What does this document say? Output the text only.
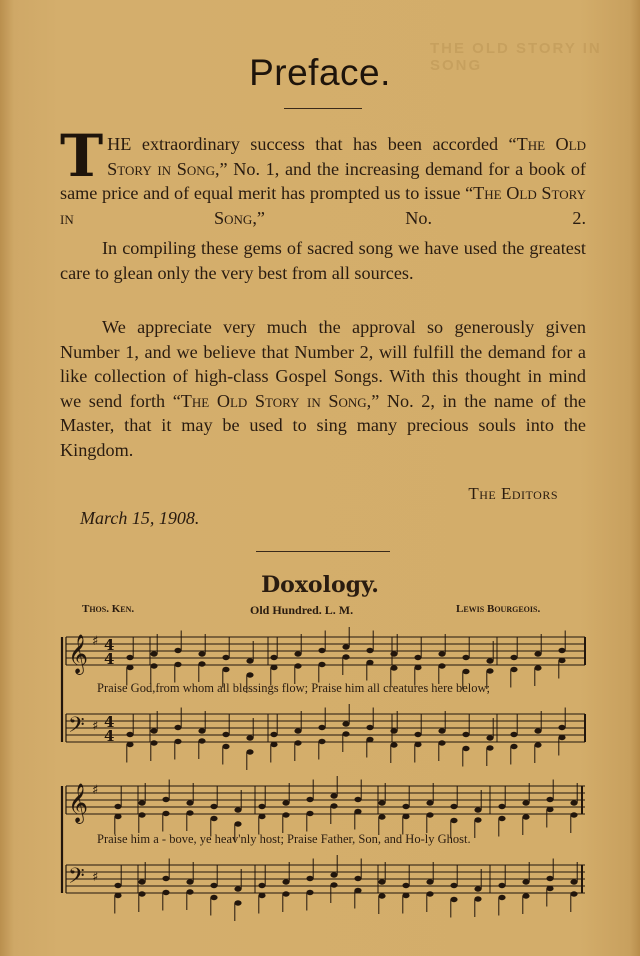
THE OLD STORY IN SONG
Preface.
THE extraordinary success that has been accorded “The Old Story in Song,” No. 1, and the increasing demand for a book of same price and of equal merit has prompted us to issue “The Old Story in Song,” No. 2.
In compiling these gems of sacred song we have used the greatest care to glean only the very best from all sources.
We appreciate very much the approval so generously given Number 1, and we believe that Number 2, will fulfill the demand for a like collection of high-class Gospel Songs. With this thought in mind we send forth “The Old Story in Song,” No. 2, in the name of the Master, that it may be used to sing many precious souls into the Kingdom.
The Editors
March 15, 1908.
Doxology.
Thos. Ken.	Old Hundred. L. M.	Lewis Bourgeois.
𝄞 ♯ 4
4
𝄢 ♯ 4
4
𝄞 ♯
𝄢 ♯
Praise God,from whom all blessings flow; Praise him all creatures here below;
Praise him a - bove, ye heav'nly host; Praise Father, Son, and Ho-ly Ghost.
